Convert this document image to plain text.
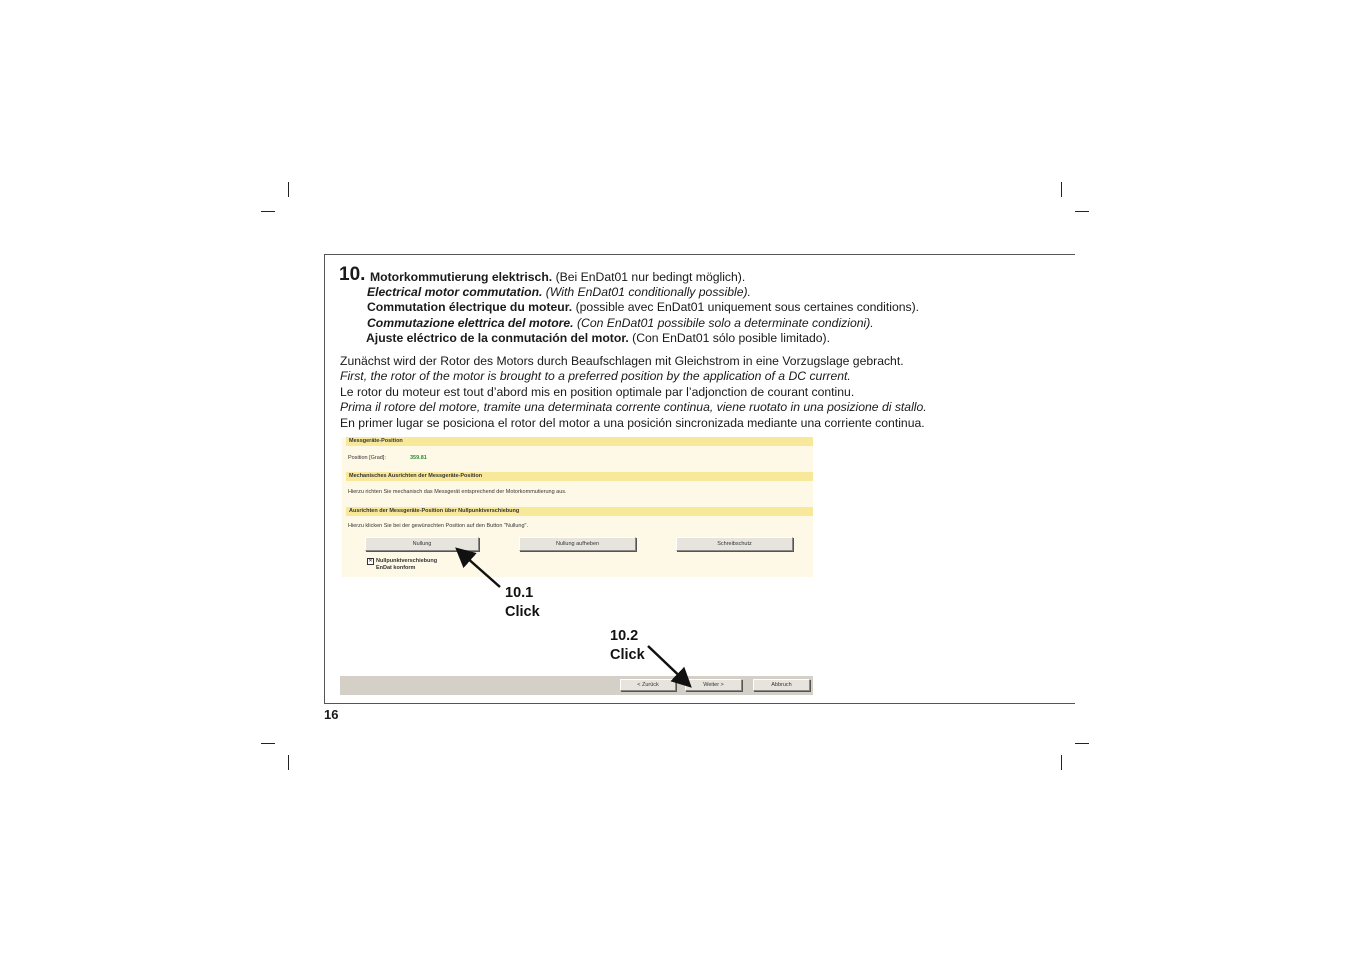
10. Motorkommutierung elektrisch. (Bei EnDat01 nur bedingt möglich).
Electrical motor commutation. (With EnDat01 conditionally possible).
Commutation électrique du moteur. (possible avec EnDat01 uniquement sous certaines conditions).
Commutazione elettrica del motore. (Con EnDat01 possibile solo a determinate condizioni).
Ajuste eléctrico de la conmutación del motor. (Con EnDat01 sólo posible limitado).
Zunächst wird der Rotor des Motors durch Beaufschlagen mit Gleichstrom in eine Vorzugslage gebracht.
First, the rotor of the motor is brought to a preferred position by the application of a DC current.
Le rotor du moteur est tout d’abord mis en position optimale par l’adjonction de courant continu.
Prima il rotore del motore, tramite una determinata corrente continua, viene ruotato in una posizione di stallo.
En primer lugar se posiciona el rotor del motor a una posición sincronizada mediante una corriente continua.
Messgeräte-Position
Position [Grad]:	359.81
Mechanisches Ausrichten der Messgeräte-Position
Hierzu richten Sie mechanisch das Messgerät entsprechend der Motorkommutierung aus.
Ausrichten der Messgeräte-Position über Nullpunktverschiebung
Hierzu klicken Sie bei der gewünschten Position auf den Button "Nullung".
Nullung	Nullung aufheben	Schreibschutz
✕ Nullpunktverschiebung
EnDat konform
< Zurück	Weiter >	Abbruch
10.1
Click
10.2
Click
16
